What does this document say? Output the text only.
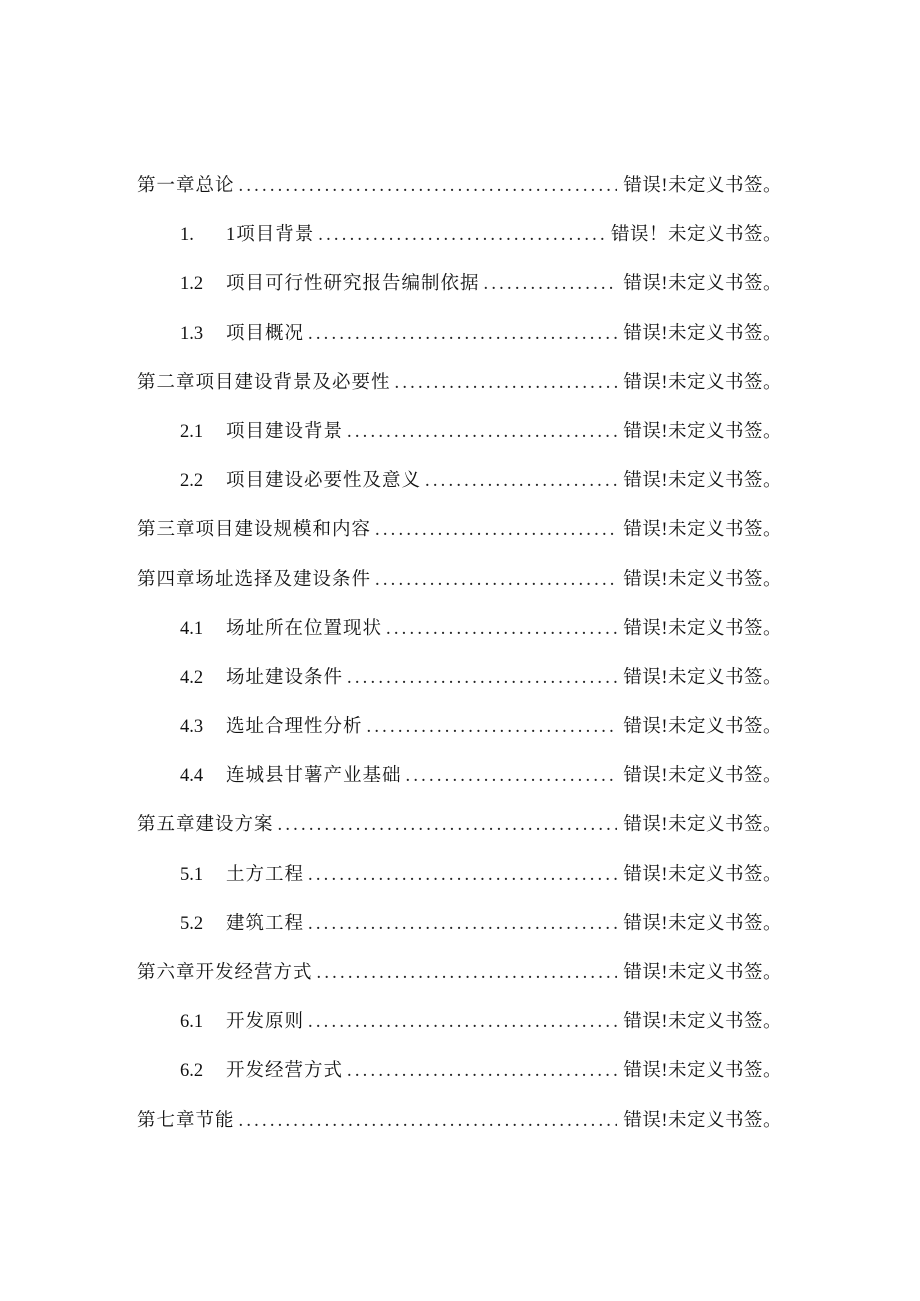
第一章总论 .....	错误!未定义书签。
1.	1项目背景 .....	错误！未定义书签。
1.2	项目可行性研究报告编制依据 .....	错误!未定义书签。
1.3	项目概况 .....	错误!未定义书签。
第二章项目建设背景及必要性 .....	错误!未定义书签。
2.1	项目建设背景 .....	错误!未定义书签。
2.2	项目建设必要性及意义 .....	错误!未定义书签。
第三章项目建设规模和内容 .....	错误!未定义书签。
第四章场址选择及建设条件 .....	错误!未定义书签。
4.1	场址所在位置现状 .....	错误!未定义书签。
4.2	场址建设条件 .....	错误!未定义书签。
4.3	选址合理性分析 .....	错误!未定义书签。
4.4	连城县甘薯产业基础 .....	错误!未定义书签。
第五章建设方案 .....	错误!未定义书签。
5.1	土方工程 .....	错误!未定义书签。
5.2	建筑工程 .....	错误!未定义书签。
第六章开发经营方式 .....	错误!未定义书签。
6.1	开发原则 .....	错误!未定义书签。
6.2	开发经营方式 .....	错误!未定义书签。
第七章节能 .....	错误!未定义书签。
